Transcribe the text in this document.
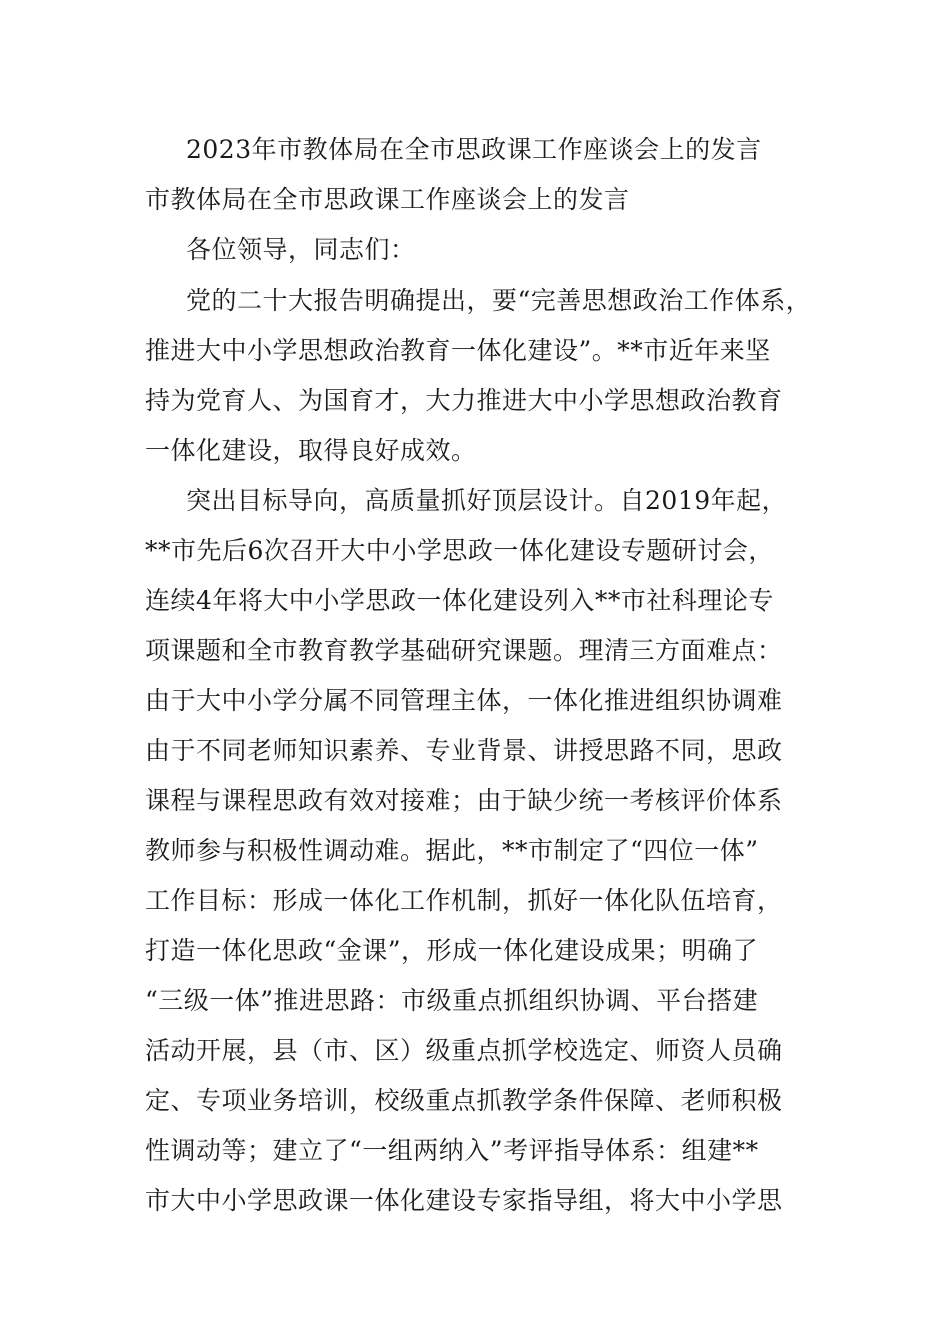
2023年市教体局在全市思政课工作座谈会上的发言
市教体局在全市思政课工作座谈会上的发言
各位领导，同志们：
党的二十大报告明确提出，要“完善思想政治工作体系，
推进大中小学思想政治教育一体化建设”。**市近年来坚
持为党育人、为国育才，大力推进大中小学思想政治教育
一体化建设，取得良好成效。
突出目标导向，高质量抓好顶层设计。自2019年起，
**市先后6次召开大中小学思政一体化建设专题研讨会，
连续4年将大中小学思政一体化建设列入**市社科理论专
项课题和全市教育教学基础研究课题。理清三方面难点：
由于大中小学分属不同管理主体，一体化推进组织协调难
由于不同老师知识素养、专业背景、讲授思路不同，思政
课程与课程思政有效对接难；由于缺少统一考核评价体系
教师参与积极性调动难。据此，**市制定了“四位一体”
工作目标：形成一体化工作机制，抓好一体化队伍培育，
打造一体化思政“金课”，形成一体化建设成果；明确了
“三级一体”推进思路：市级重点抓组织协调、平台搭建
活动开展，县（市、区）级重点抓学校选定、师资人员确
定、专项业务培训，校级重点抓教学条件保障、老师积极
性调动等；建立了“一组两纳入”考评指导体系：组建**
市大中小学思政课一体化建设专家指导组，将大中小学思
